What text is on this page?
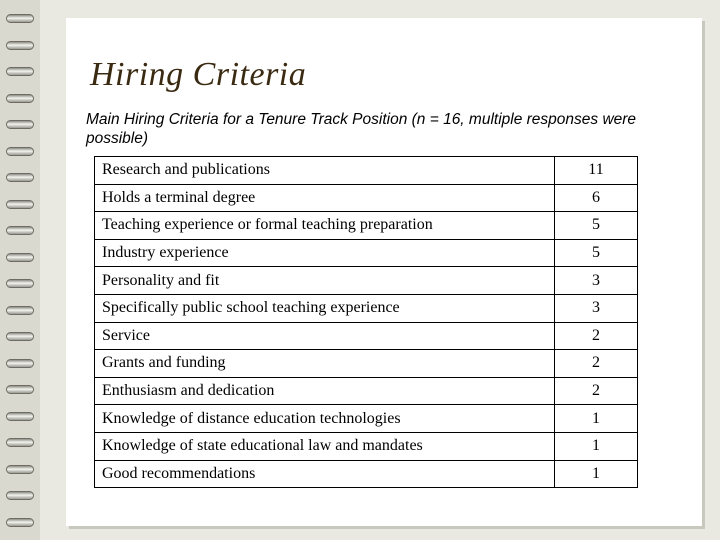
Hiring Criteria

Main Hiring Criteria for a Tenure Track Position (n = 16, multiple responses were possible)

Research and publications	11
Holds a terminal degree	6
Teaching experience or formal teaching preparation	5
Industry experience	5
Personality and fit	3
Specifically public school teaching experience	3
Service	2
Grants and funding	2
Enthusiasm and dedication	2
Knowledge of distance education technologies	1
Knowledge of state educational law and mandates	1
Good recommendations	1
